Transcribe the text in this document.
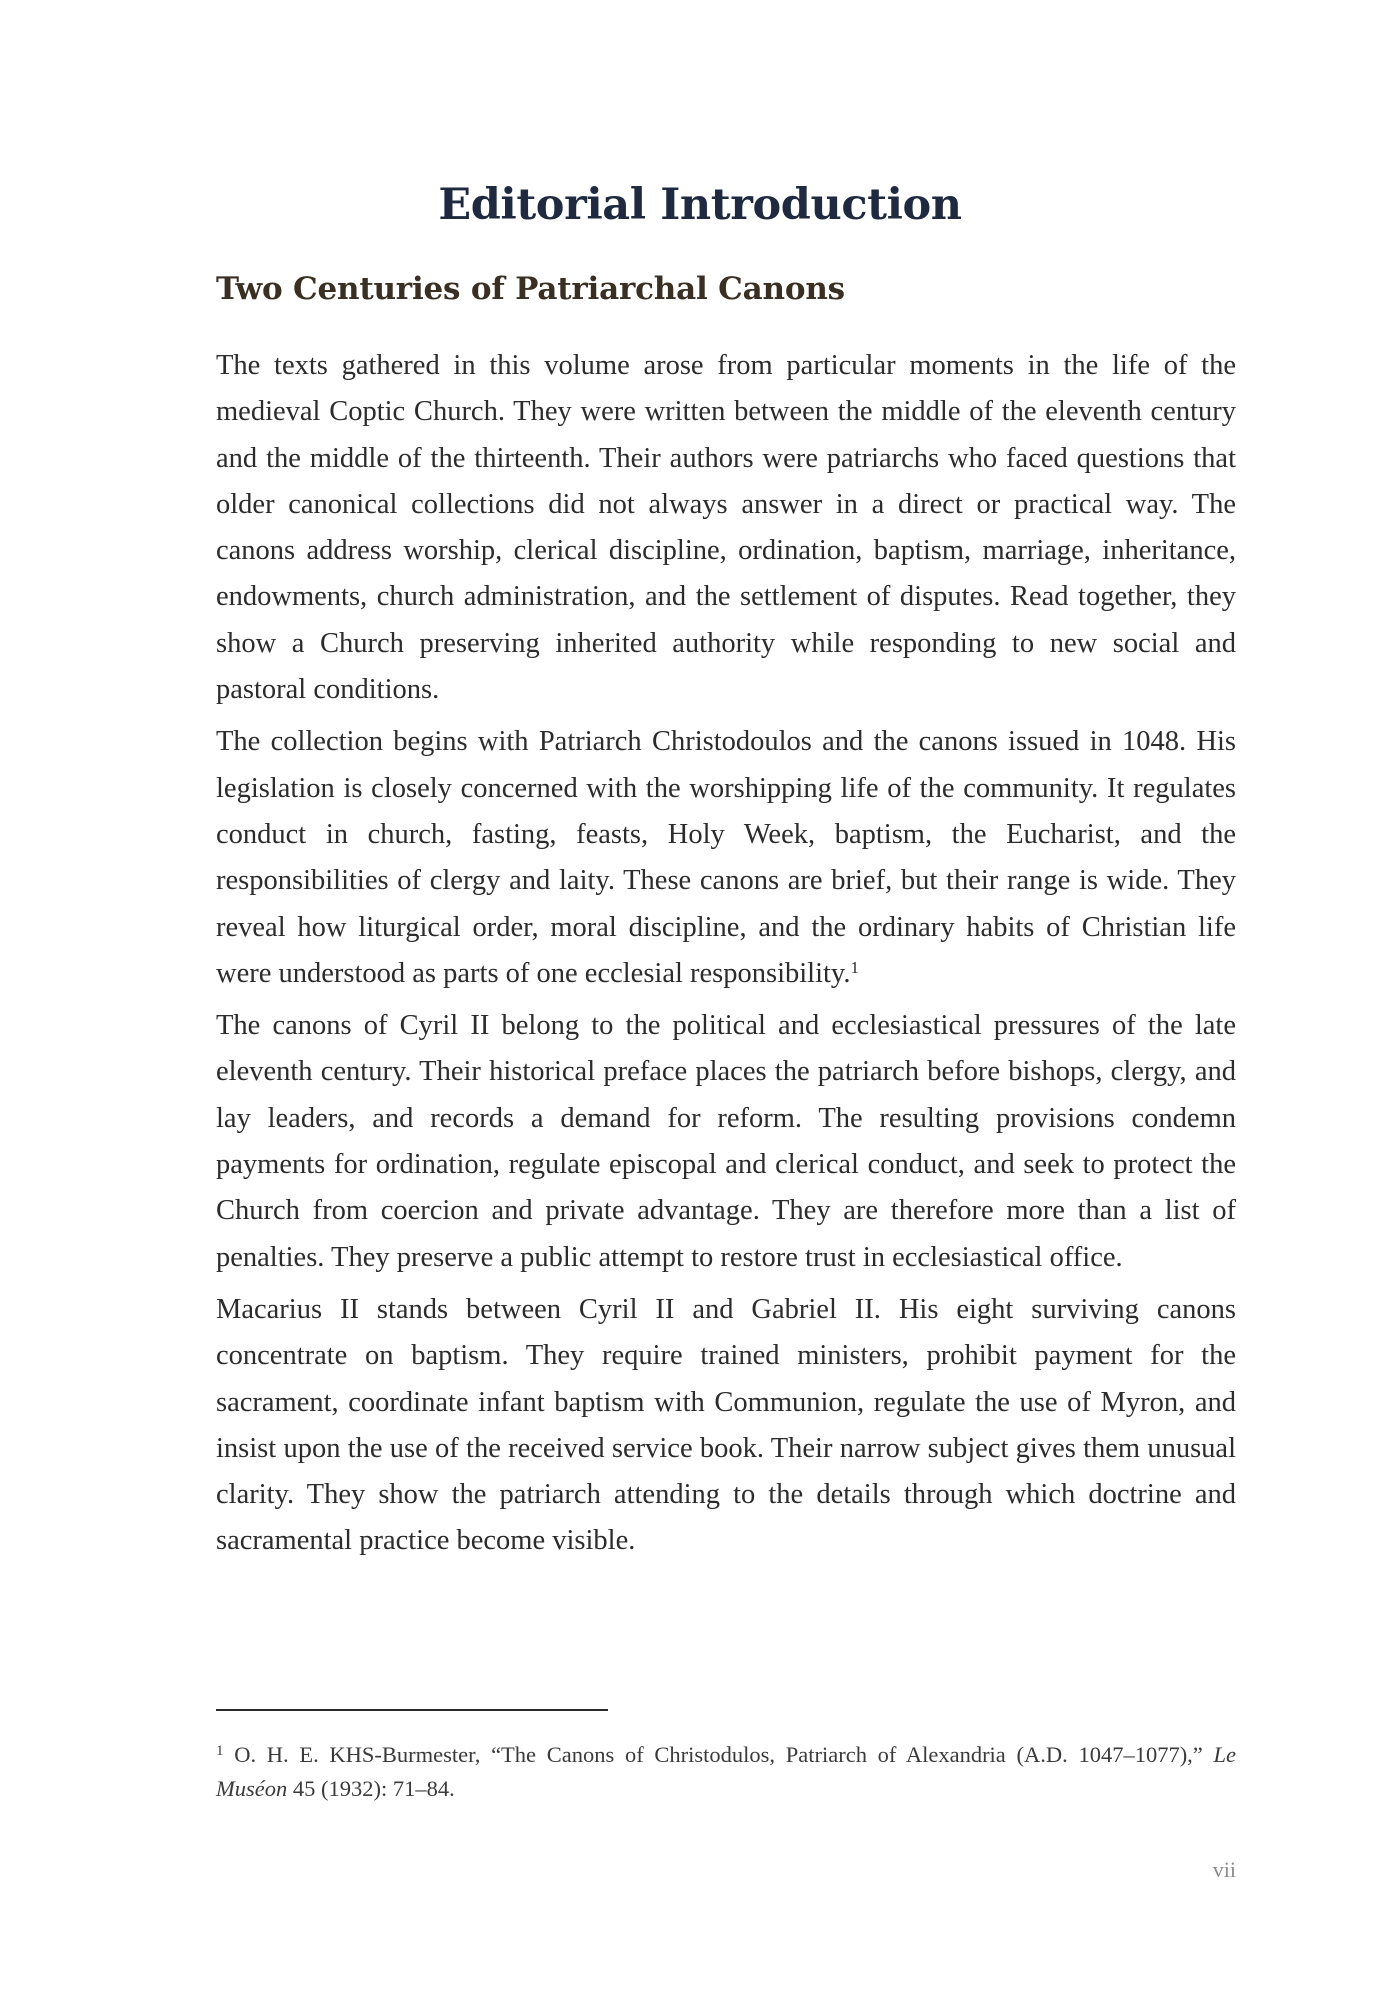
Editorial Introduction
Two Centuries of Patriarchal Canons

The texts gathered in this volume arose from particular moments in the life of the medieval Coptic Church. They were written between the middle of the eleventh century and the middle of the thirteenth. Their authors were patriarchs who faced questions that older canonical collections did not always answer in a direct or practical way. The canons address worship, clerical discipline, ordination, baptism, marriage, inheritance, endowments, church administration, and the settlement of disputes. Read together, they show a Church preserving inherited authority while responding to new social and pastoral conditions.

The collection begins with Patriarch Christodoulos and the canons issued in 1048. His legislation is closely concerned with the worshipping life of the community. It regulates conduct in church, fasting, feasts, Holy Week, baptism, the Eucharist, and the responsibilities of clergy and laity. These canons are brief, but their range is wide. They reveal how liturgical order, moral discipline, and the ordinary habits of Christian life were understood as parts of one ecclesial responsibility.$^1$

The canons of Cyril II belong to the political and ecclesiastical pressures of the late eleventh century. Their historical preface places the patriarch before bishops, clergy, and lay leaders, and records a demand for reform. The resulting provisions condemn payments for ordination, regulate episcopal and clerical conduct, and seek to protect the Church from coercion and private advantage. They are therefore more than a list of penalties. They preserve a public attempt to restore trust in ecclesiastical office.

Macarius II stands between Cyril II and Gabriel II. His eight surviving canons concentrate on baptism. They require trained ministers, prohibit payment for the sacrament, coordinate infant baptism with Communion, regulate the use of Myron, and insist upon the use of the received service book. Their narrow subject gives them unusual clarity. They show the patriarch attending to the details through which doctrine and sacramental practice become visible.

$^1$ O. H. E. KHS-Burmester, “The Canons of Christodulos, Patriarch of Alexandria (A.D. 1047–1077),” Le Muséon 45 (1932): 71–84.

vii
